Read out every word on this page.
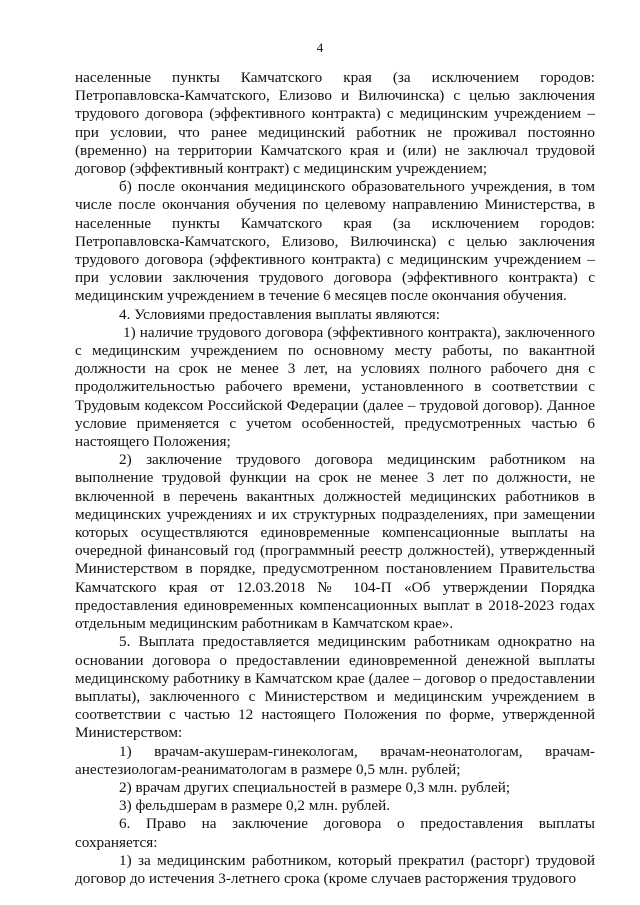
4

населенные пункты Камчатского края (за исключением городов: Петропавловска-Камчатского, Елизово и Вилючинска) с целью заключения трудового договора (эффективного контракта) с медицинским учреждением – при условии, что ранее медицинский работник не проживал постоянно (временно) на территории Камчатского края и (или) не заключал трудовой договор (эффективный контракт) с медицинским учреждением;

б) после окончания медицинского образовательного учреждения, в том числе после окончания обучения по целевому направлению Министерства, в населенные пункты Камчатского края (за исключением городов: Петропавловска-Камчатского, Елизово, Вилючинска) с целью заключения трудового договора (эффективного контракта) с медицинским учреждением – при условии заключения трудового договора (эффективного контракта) с медицинским учреждением в течение 6 месяцев после окончания обучения.

4. Условиями предоставления выплаты являются:

1) наличие трудового договора (эффективного контракта), заключенного с медицинским учреждением по основному месту работы, по вакантной должности на срок не менее 3 лет, на условиях полного рабочего дня с продолжительностью рабочего времени, установленного в соответствии с Трудовым кодексом Российской Федерации (далее – трудовой договор). Данное условие применяется с учетом особенностей, предусмотренных частью 6 настоящего Положения;

2) заключение трудового договора медицинским работником на выполнение трудовой функции на срок не менее 3 лет по должности, не включенной в перечень вакантных должностей медицинских работников в медицинских учреждениях и их структурных подразделениях, при замещении которых осуществляются единовременные компенсационные выплаты на очередной финансовый год (программный реестр должностей), утвержденный Министерством в порядке, предусмотренном постановлением Правительства Камчатского края от 12.03.2018 № 104-П «Об утверждении Порядка предоставления единовременных компенсационных выплат в 2018-2023 годах отдельным медицинским работникам в Камчатском крае».

5. Выплата предоставляется медицинским работникам однократно на основании договора о предоставлении единовременной денежной выплаты медицинскому работнику в Камчатском крае (далее – договор о предоставлении выплаты), заключенного с Министерством и медицинским учреждением в соответствии с частью 12 настоящего Положения по форме, утвержденной Министерством:

1) врачам-акушерам-гинекологам, врачам-неонатологам, врачам-анестезиологам-реаниматологам в размере 0,5 млн. рублей;

2) врачам других специальностей в размере 0,3 млн. рублей;

3) фельдшерам в размере 0,2 млн. рублей.

6. Право на заключение договора о предоставления выплаты сохраняется:

1) за медицинским работником, который прекратил (расторг) трудовой договор до истечения 3-летнего срока (кроме случаев расторжения трудового
